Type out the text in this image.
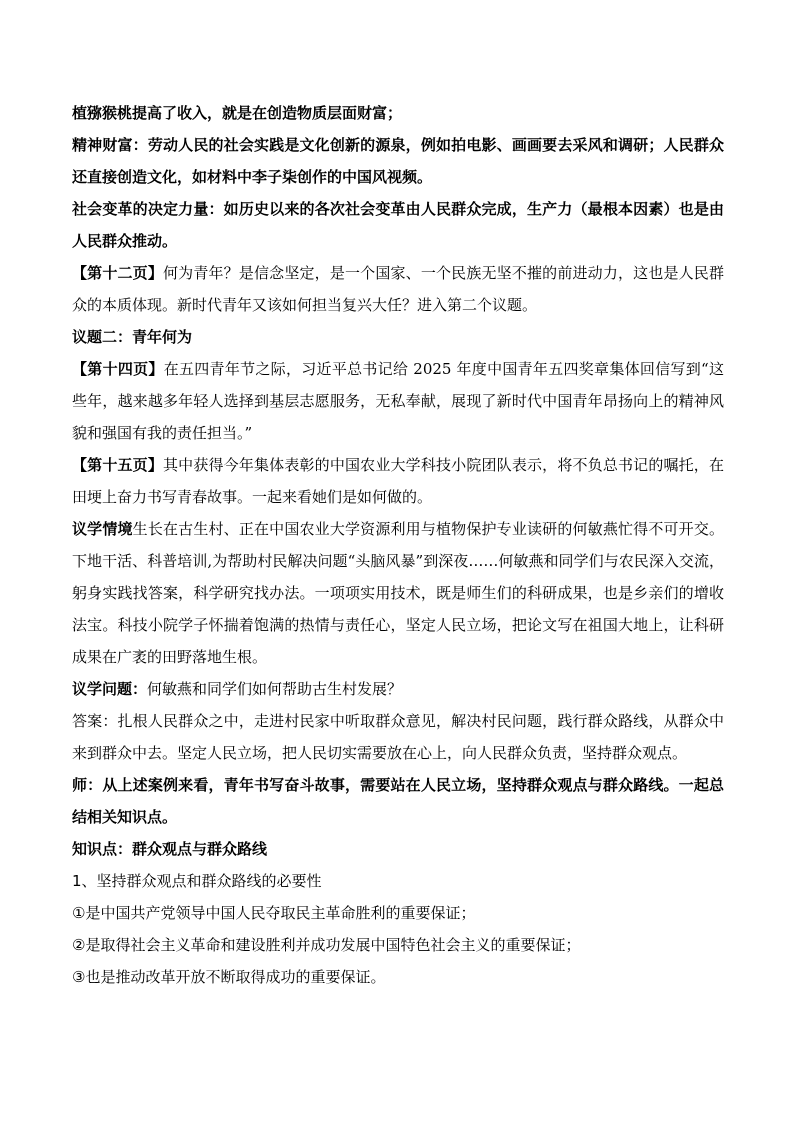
植猕猴桃提高了收入，就是在创造物质层面财富；

精神财富：劳动人民的社会实践是文化创新的源泉，例如拍电影、画画要去采风和调研；人民群众还直接创造文化，如材料中李子柒创作的中国风视频。

社会变革的决定力量：如历史以来的各次社会变革由人民群众完成，生产力（最根本因素）也是由人民群众推动。

【第十二页】何为青年？是信念坚定，是一个国家、一个民族无坚不摧的前进动力，这也是人民群众的本质体现。新时代青年又该如何担当复兴大任？进入第二个议题。

议题二：青年何为

【第十四页】在五四青年节之际，习近平总书记给 2025 年度中国青年五四奖章集体回信写到“这些年，越来越多年轻人选择到基层志愿服务，无私奉献，展现了新时代中国青年昂扬向上的精神风貌和强国有我的责任担当。”

【第十五页】其中获得今年集体表彰的中国农业大学科技小院团队表示，将不负总书记的嘱托，在田埂上奋力书写青春故事。一起来看她们是如何做的。

议学情境生长在古生村、正在中国农业大学资源利用与植物保护专业读研的何敏燕忙得不可开交。下地干活、科普培训,为帮助村民解决问题“头脑风暴”到深夜……何敏燕和同学们与农民深入交流，躬身实践找答案，科学研究找办法。一项项实用技术，既是师生们的科研成果，也是乡亲们的增收法宝。科技小院学子怀揣着饱满的热情与责任心，坚定人民立场，把论文写在祖国大地上，让科研成果在广袤的田野落地生根。

议学问题：何敏燕和同学们如何帮助古生村发展？

答案：扎根人民群众之中，走进村民家中听取群众意见，解决村民问题，践行群众路线，从群众中来到群众中去。坚定人民立场，把人民切实需要放在心上，向人民群众负责，坚持群众观点。

师：从上述案例来看，青年书写奋斗故事，需要站在人民立场，坚持群众观点与群众路线。一起总结相关知识点。

知识点：群众观点与群众路线

1、坚持群众观点和群众路线的必要性

①是中国共产党领导中国人民夺取民主革命胜利的重要保证；

②是取得社会主义革命和建设胜利并成功发展中国特色社会主义的重要保证；

③也是推动改革开放不断取得成功的重要保证。
